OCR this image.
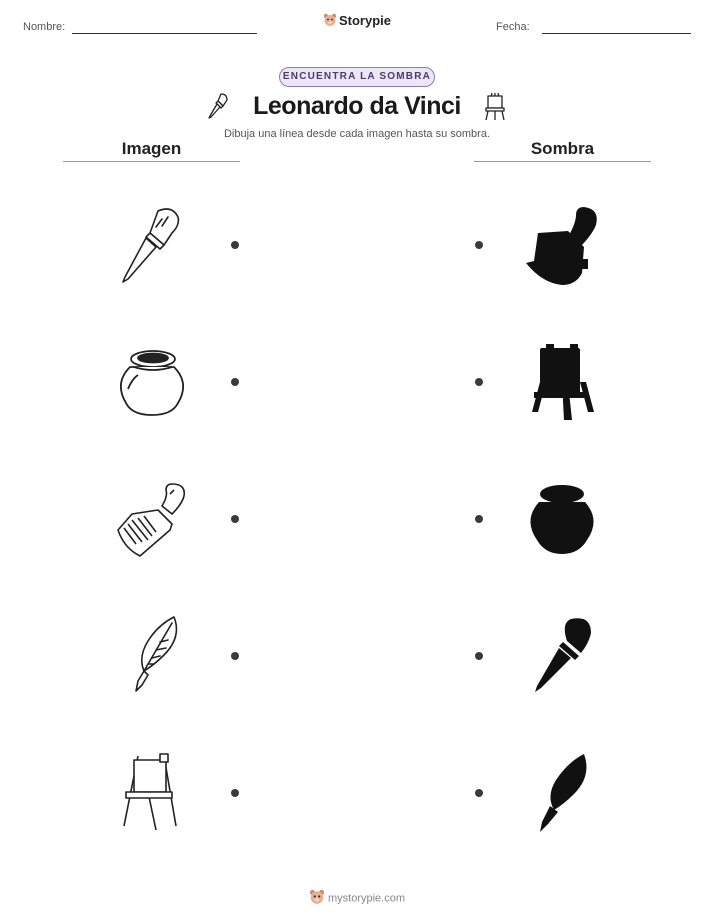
Nombre:	Storypie	Fecha:
ENCUENTRA LA SOMBRA
Leonardo da Vinci
Dibuja una línea desde cada imagen hasta su sombra.
Imagen	Sombra
mystorypie.com
